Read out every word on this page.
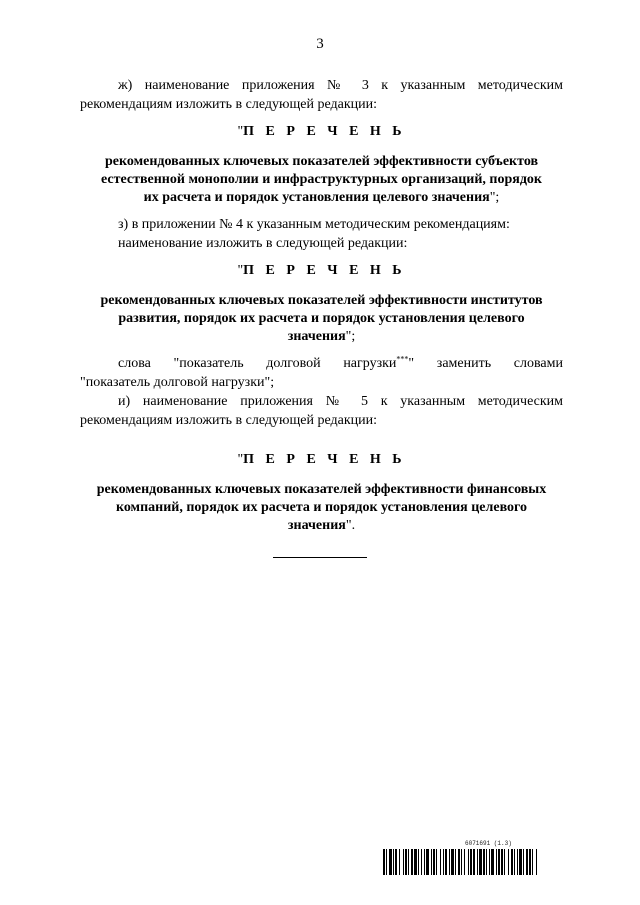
3

ж) наименование приложения № 3 к указанным методическим

рекомендациям изложить в следующей редакции:

"П Е Р Е Ч Е Н Ь

рекомендованных ключевых показателей эффективности субъектов

естественной монополии и инфраструктурных организаций, порядок

их расчета и порядок установления целевого значения";

з) в приложении № 4 к указанным методическим рекомендациям:

наименование изложить в следующей редакции:

"П Е Р Е Ч Е Н Ь

рекомендованных ключевых показателей эффективности институтов

развития, порядок их расчета и порядок установления целевого

значения";

слова "показатель долговой нагрузки***" заменить словами

"показатель долговой нагрузки";

и) наименование приложения № 5 к указанным методическим

рекомендациям изложить в следующей редакции:

"П Е Р Е Ч Е Н Ь

рекомендованных ключевых показателей эффективности финансовых

компаний, порядок их расчета и порядок установления целевого

значения".

6071691 (1.3)
